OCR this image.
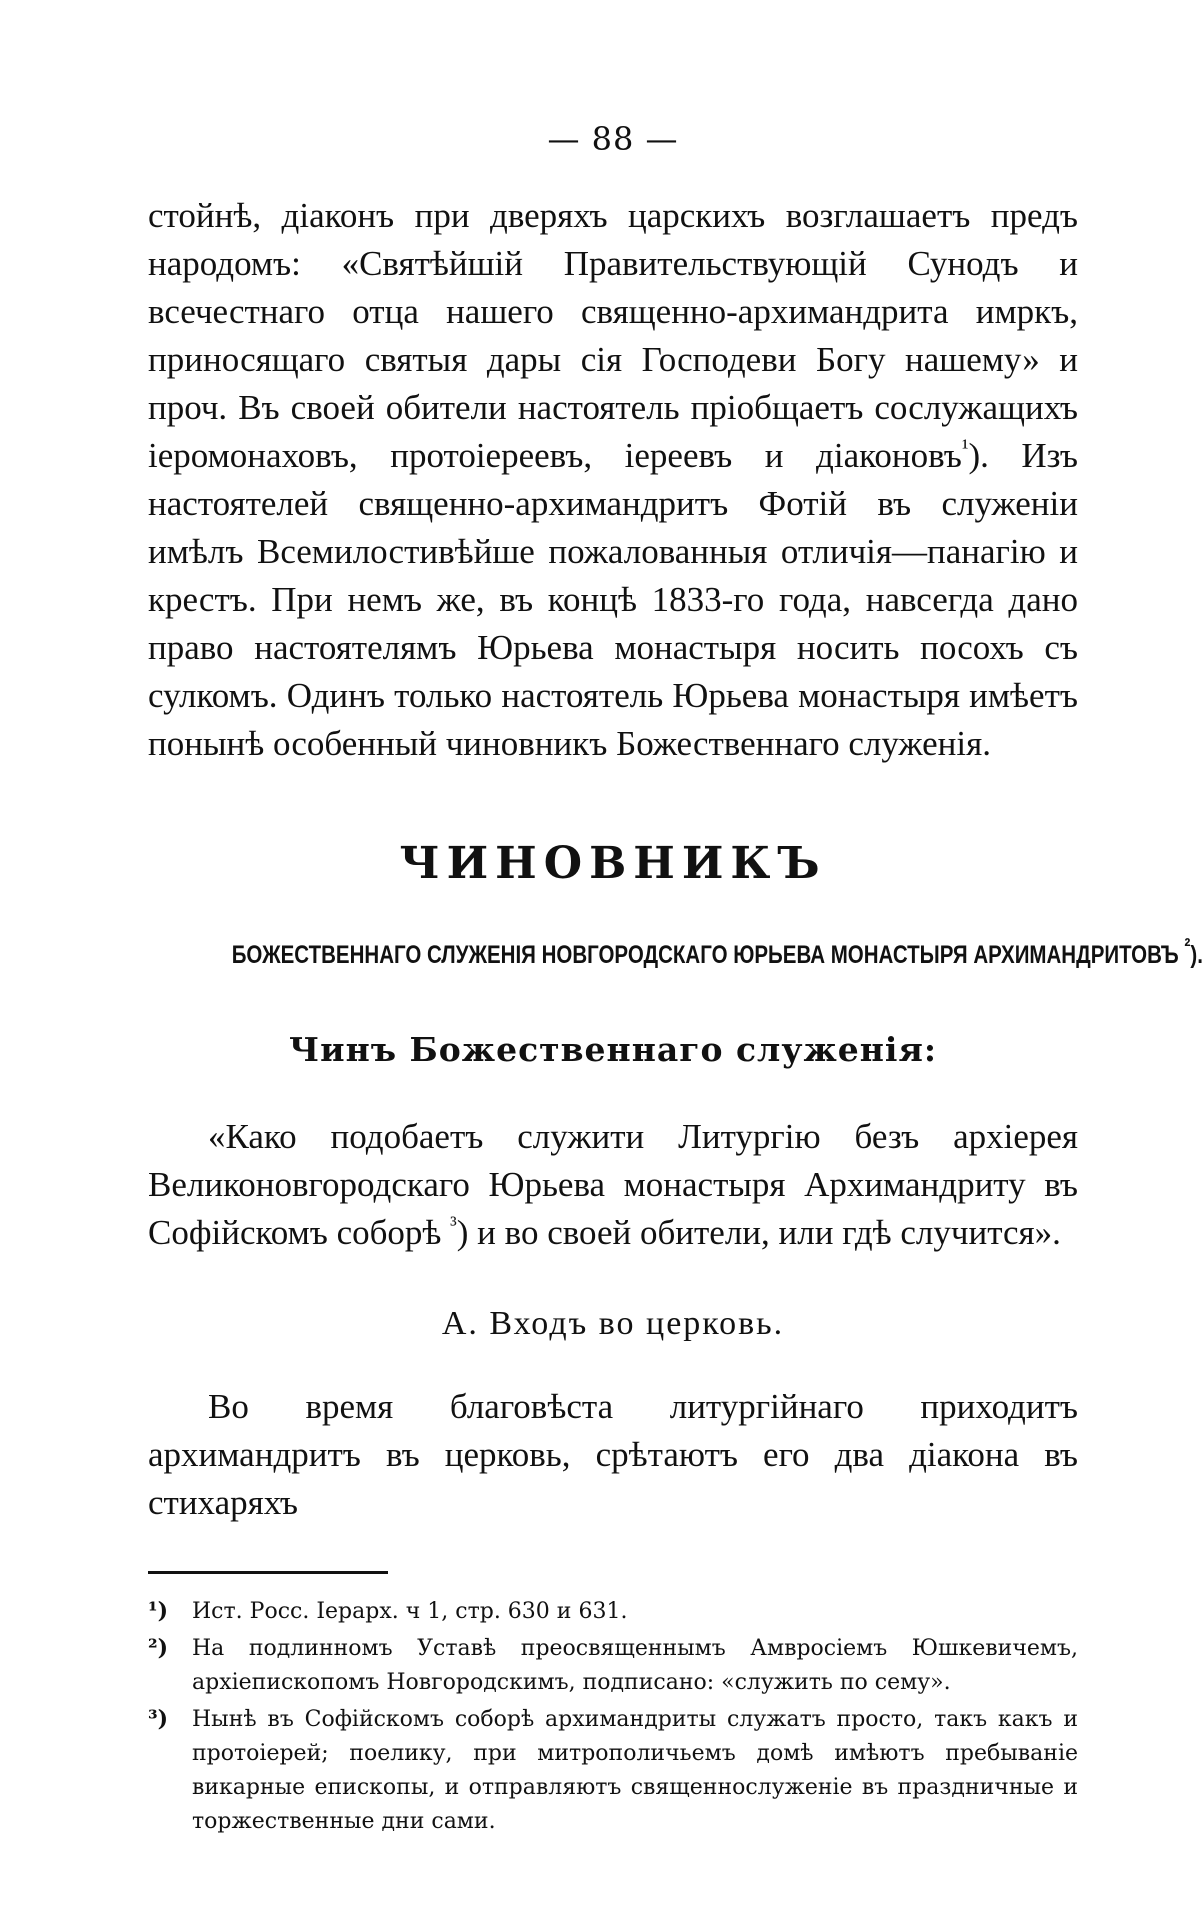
— 88 —

стойнѣ, діаконъ при дверяхъ царскихъ возглашаетъ предъ народомъ: «Святѣйшій Правительствующій Сунодъ и всечестнаго отца нашего священно-архимандрита имркъ, приносящаго святыя дары сія Господеви Богу нашему» и проч. Въ своей обители настоятель пріобщаетъ сослужащихъ іеромонаховъ, протоіереевъ, іереевъ и діаконовъ$^{^1}$). Изъ настоятелей священно-архимандритъ Фотій въ служеніи имѣлъ Всемилостивѣйше пожалованныя отличія—панагію и крестъ. При немъ же, въ концѣ 1833-го года, навсегда дано право настоятелямъ Юрьева монастыря носить посохъ съ сулкомъ. Одинъ только настоятель Юрьева монастыря имѣетъ понынѣ особенный чиновникъ Божественнаго служенія.

ЧИНОВНИКЪ
БОЖЕСТВЕННАГО СЛУЖЕНІЯ НОВГОРОДСКАГО ЮРЬЕВА МОНАСТЫРЯ АРХИМАНДРИТОВЪ $^{^2}$).
Чинъ Божественнаго служенія:

«Како подобаетъ служити Литургію безъ архіерея Великоновгородскаго Юрьева монастыря Архимандриту въ Софійскомъ соборѣ $^{^3}$) и во своей обители, или гдѣ случится».

А. Входъ во церковь.

Во время благовѣста литургійнаго приходитъ архимандритъ въ церковь, срѣтаютъ его два діакона въ стихаряхъ

¹) Ист. Росс. Іерарх. ч 1, стр. 630 и 631.

²) На подлинномъ Уставѣ преосвященнымъ Амвросіемъ Юшкевичемъ, архіепископомъ Новгородскимъ, подписано: «служить по сему».

³) Нынѣ въ Софійскомъ соборѣ архимандриты служатъ просто, такъ какъ и протоіерей; поелику, при митрополичьемъ домѣ имѣютъ пребываніе викарные епископы, и отправляютъ священнослуженіе въ праздничные и торжественные дни сами.
